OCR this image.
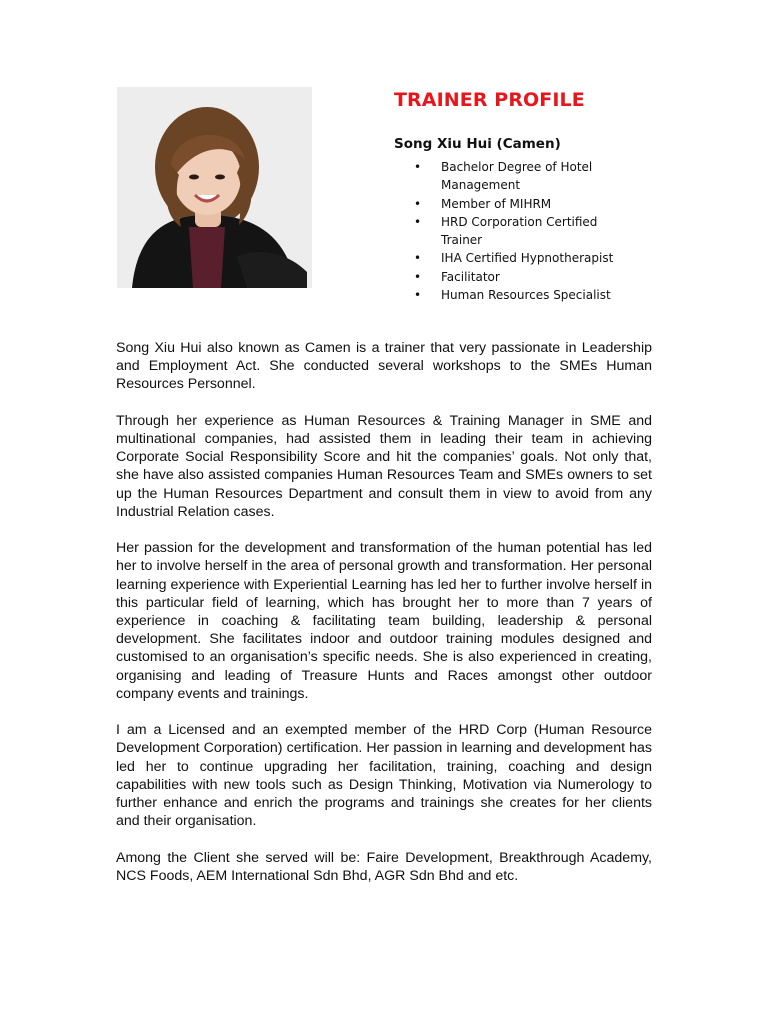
TRAINER PROFILE
Song Xiu Hui (Camen)
• Bachelor Degree of Hotel Management
• Member of MIHRM
• HRD Corporation Certified Trainer
• IHA Certified Hypnotherapist
• Facilitator
• Human Resources Specialist

Song Xiu Hui also known as Camen is a trainer that very passionate in Leadership and Employment Act. She conducted several workshops to the SMEs Human Resources Personnel.

Through her experience as Human Resources & Training Manager in SME and multinational companies, had assisted them in leading their team in achieving Corporate Social Responsibility Score and hit the companies’ goals. Not only that, she have also assisted companies Human Resources Team and SMEs owners to set up the Human Resources Department and consult them in view to avoid from any Industrial Relation cases.

Her passion for the development and transformation of the human potential has led her to involve herself in the area of personal growth and transformation. Her personal learning experience with Experiential Learning has led her to further involve herself in this particular field of learning, which has brought her to more than 7 years of experience in coaching & facilitating team building, leadership & personal development. She facilitates indoor and outdoor training modules designed and customised to an organisation’s specific needs. She is also experienced in creating, organising and leading of Treasure Hunts and Races amongst other outdoor company events and trainings.

I am a Licensed and an exempted member of the HRD Corp (Human Resource Development Corporation) certification. Her passion in learning and development has led her to continue upgrading her facilitation, training, coaching and design capabilities with new tools such as Design Thinking, Motivation via Numerology to further enhance and enrich the programs and trainings she creates for her clients and their organisation.

Among the Client she served will be: Faire Development, Breakthrough Academy, NCS Foods, AEM International Sdn Bhd, AGR Sdn Bhd and etc.
